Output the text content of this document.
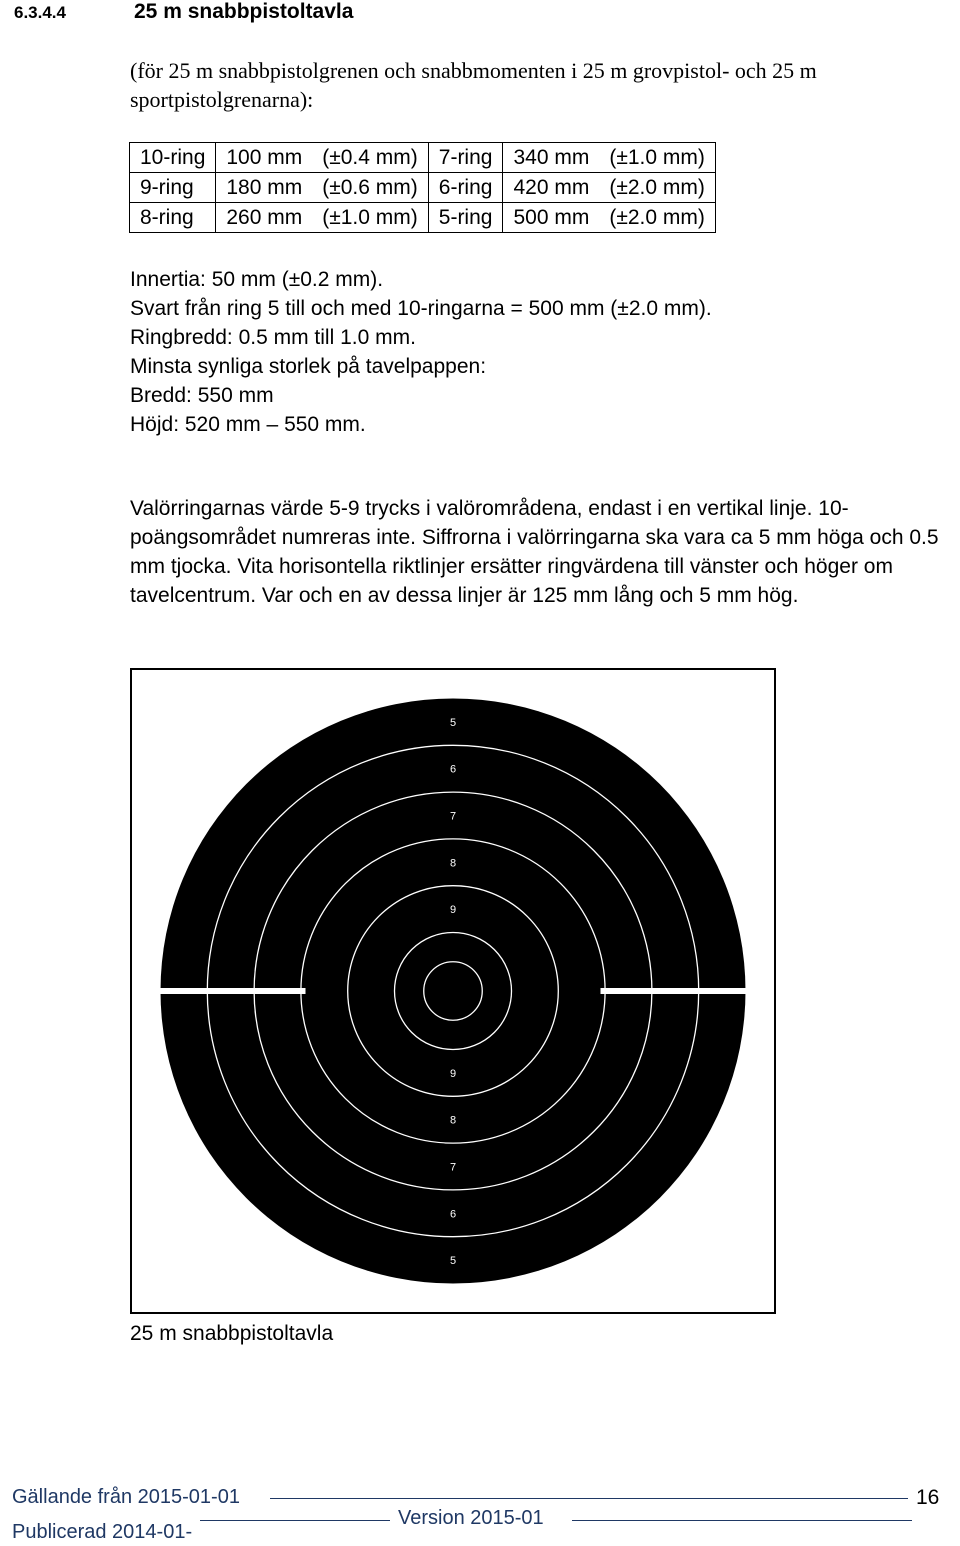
6.3.4.4	25 m snabbpistoltavla
(för 25 m snabbpistolgrenen och snabbmomenten i 25 m grovpistol- och 25 m sportpistolgrenarna):
10-ring	100 mm	(±0.4 mm)	7-ring	340 mm	(±1.0 mm)
9-ring	180 mm	(±0.6 mm)	6-ring	420 mm	(±2.0 mm)
8-ring	260 mm	(±1.0 mm)	5-ring	500 mm	(±2.0 mm)
Innertia: 50 mm (±0.2 mm).
Svart från ring 5 till och med 10-ringarna = 500 mm (±2.0 mm).
Ringbredd: 0.5 mm till 1.0 mm.
Minsta synliga storlek på tavelpappen:
Bredd: 550 mm
Höjd: 520 mm – 550 mm.
Valörringarnas värde 5-9 trycks i valörområdena, endast i en vertikal linje. 10-poängsområdet numreras inte. Siffrorna i valörringarna ska vara ca 5 mm höga och 0.5 mm tjocka. Vita horisontella riktlinjer ersätter ringvärdena till vänster och höger om tavelcentrum. Var och en av dessa linjer är 125 mm lång och 5 mm hög.
5
6
7
8
9
9
8
7
6
5
25 m snabbpistoltavla
Gällande från 2015-01-01	16
Version 2015-01
Publicerad 2014-01-
